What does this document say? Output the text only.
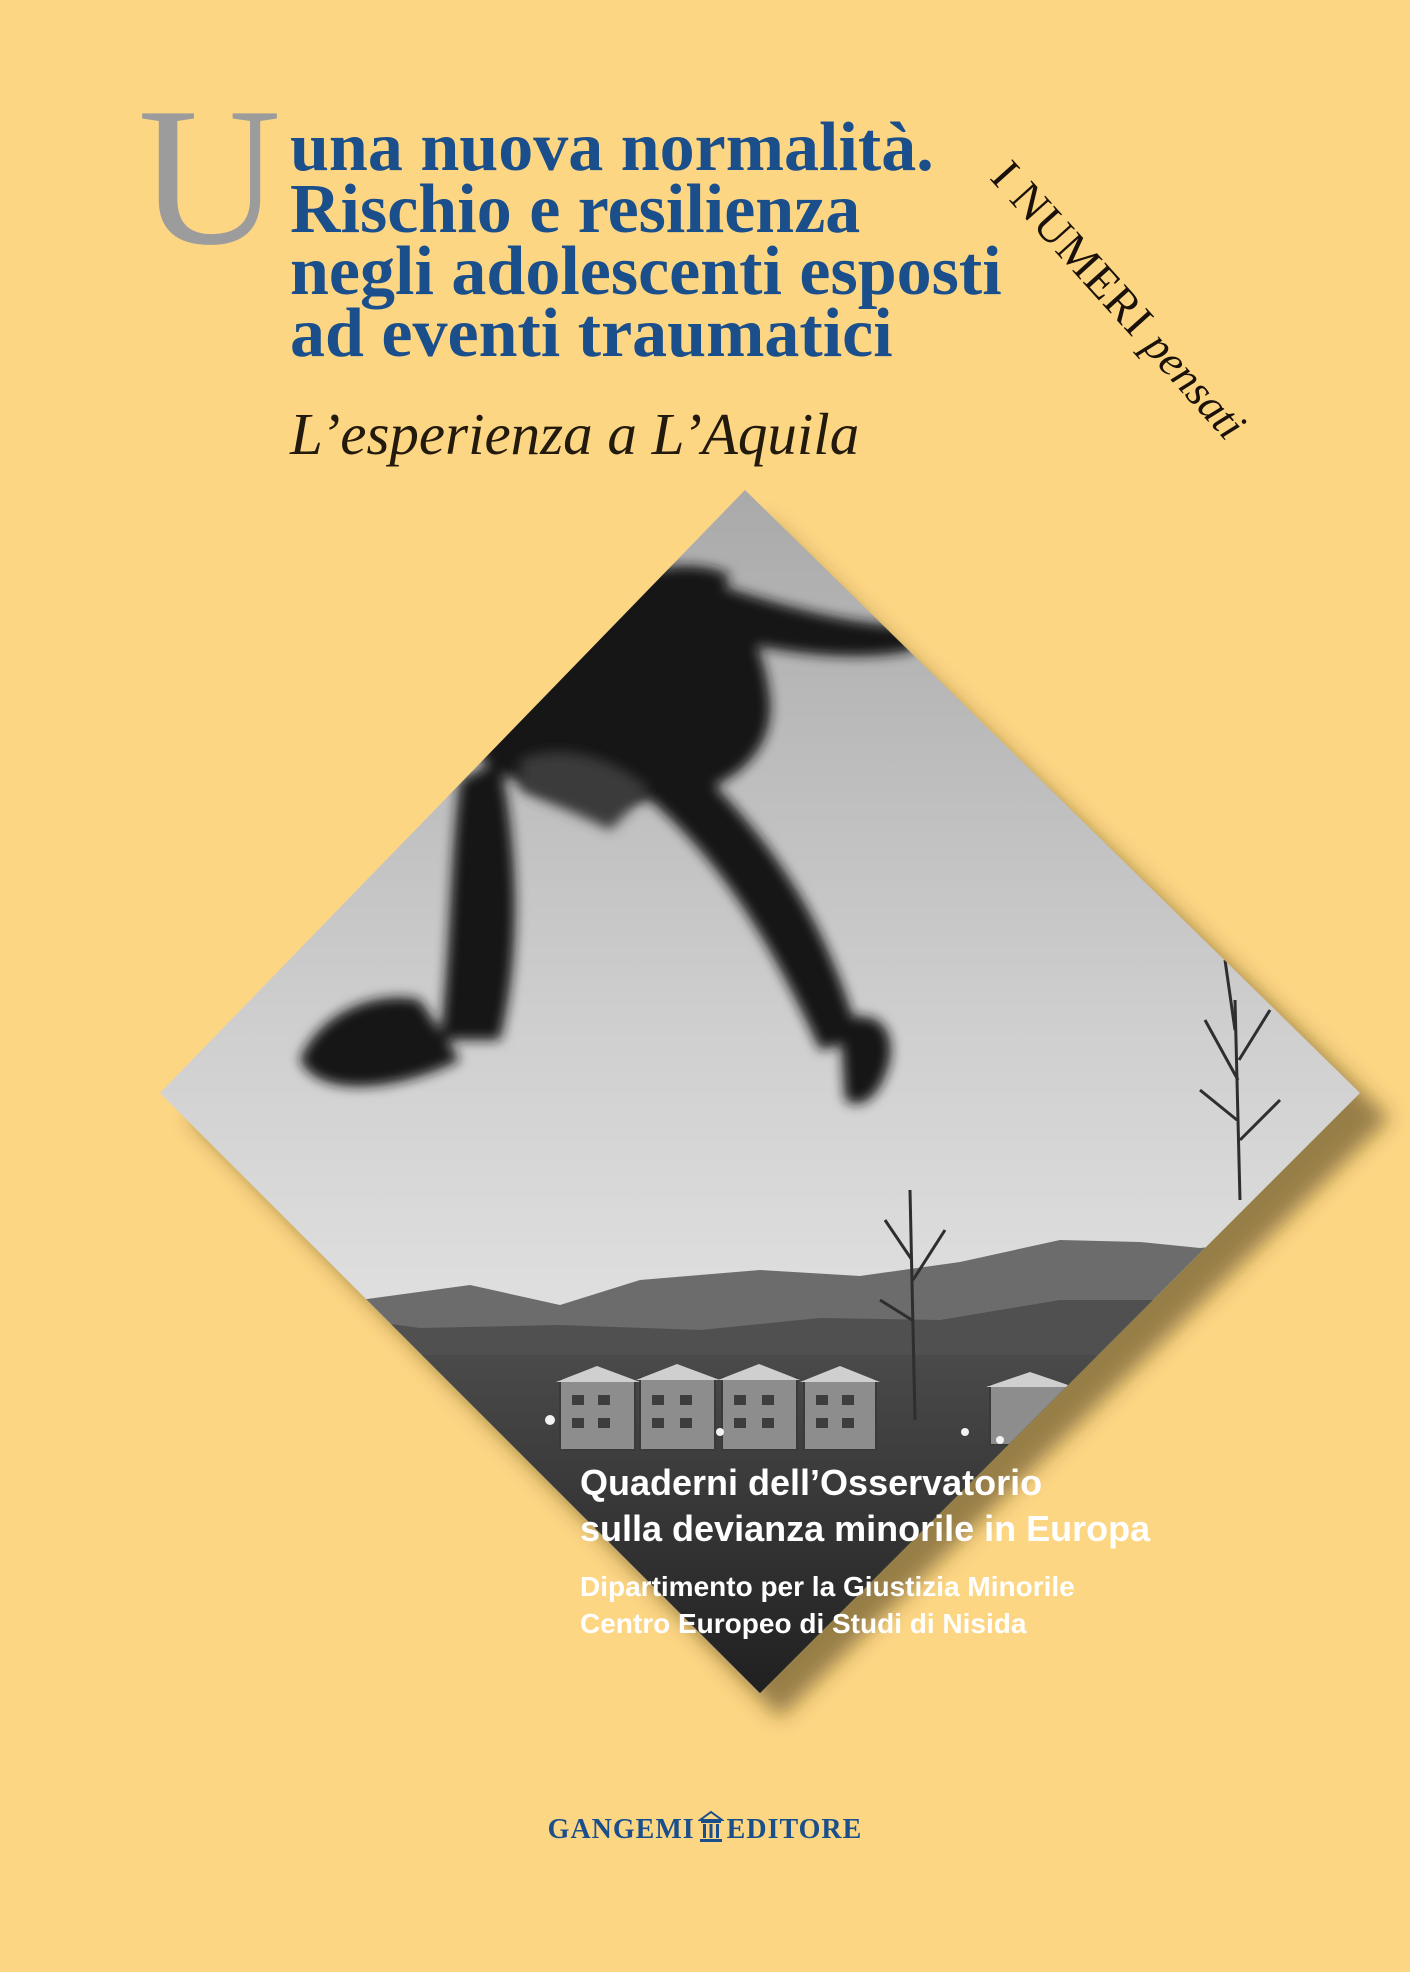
U una nuova normalità.
Rischio e resilienza
negli adolescenti esposti
ad eventi traumatici
L’esperienza a L’Aquila
I NUMERI pensati
Quaderni dell’Osservatorio
sulla devianza minorile in Europa
Dipartimento per la Giustizia Minorile
Centro Europeo di Studi di Nisida
GANGEMI EDITORE
